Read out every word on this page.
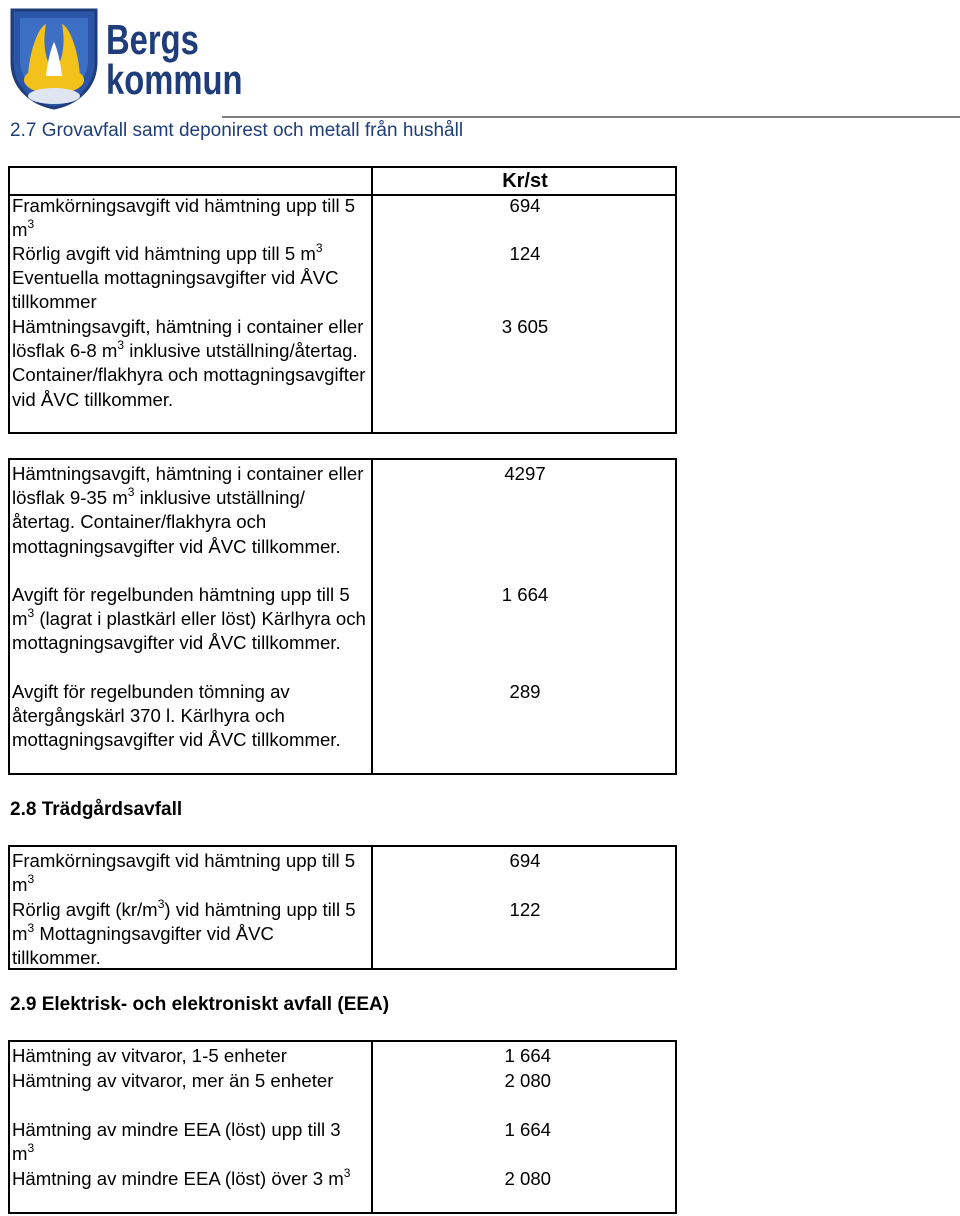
Bergs
kommun
2.7 Grovavfall samt deponirest och metall från hushåll
Kr/st
Framkörningsavgift vid hämtning upp till 5 $m^3$
694
Rörlig avgift vid hämtning upp till 5 $m^3$ Eventuella mottagningsavgifter vid ÅVC tillkommer
124
Hämtningsavgift, hämtning i container eller lösflak 6-8 $m^3$ inklusive utställning/återtag. Container/flakhyra och mottagningsavgifter vid ÅVC tillkommer.
3 605
Hämtningsavgift, hämtning i container eller lösflak 9-35 $m^3$ inklusive utställning/återtag. Container/flakhyra och mottagningsavgifter vid ÅVC tillkommer.
4297
Avgift för regelbunden hämtning upp till 5 $m^3$ (lagrat i plastkärl eller löst) Kärlhyra och mottagningsavgifter vid ÅVC tillkommer.
1 664
Avgift för regelbunden tömning av återgångskärl 370 l. Kärlhyra och mottagningsavgifter vid ÅVC tillkommer.
289
2.8 Trädgårdsavfall
Framkörningsavgift vid hämtning upp till 5 $m^3$
694
Rörlig avgift $(kr/m^3)$ vid hämtning upp till 5 $m^3$ Mottagningsavgifter vid ÅVC tillkommer.
122
2.9 Elektrisk- och elektroniskt avfall (EEA)
Hämtning av vitvaror, 1-5 enheter	1 664
Hämtning av vitvaror, mer än 5 enheter	2 080
Hämtning av mindre EEA (löst) upp till 3 $m^3$
1 664
Hämtning av mindre EEA (löst) över 3 $m^3$	2 080
